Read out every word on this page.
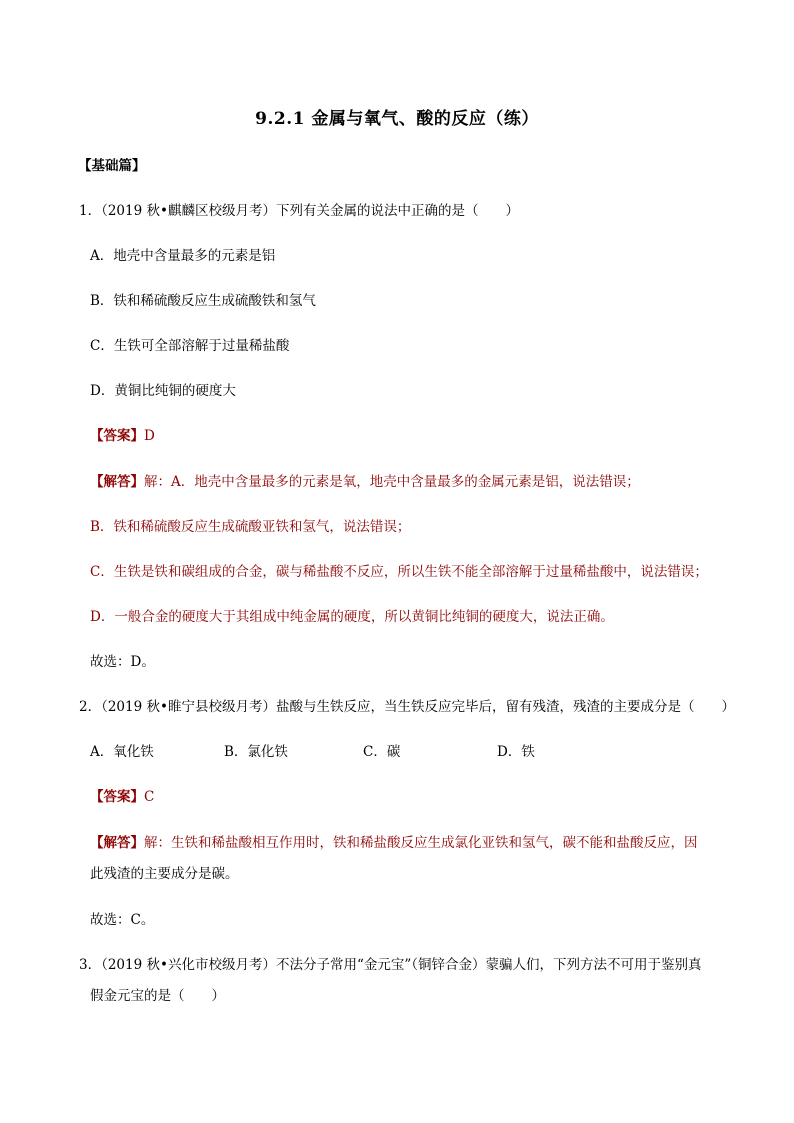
9.2.1 金属与氧气、酸的反应（练）
【基础篇】
1．（2019 秋•麒麟区校级月考）下列有关金属的说法中正确的是（　　）
A．地壳中含量最多的元素是铝
B．铁和稀硫酸反应生成硫酸铁和氢气
C．生铁可全部溶解于过量稀盐酸
D．黄铜比纯铜的硬度大
【答案】D
【解答】解：A．地壳中含量最多的元素是氧，地壳中含量最多的金属元素是铝，说法错误；
B．铁和稀硫酸反应生成硫酸亚铁和氢气，说法错误；
C．生铁是铁和碳组成的合金，碳与稀盐酸不反应，所以生铁不能全部溶解于过量稀盐酸中，说法错误；
D．一般合金的硬度大于其组成中纯金属的硬度，所以黄铜比纯铜的硬度大，说法正确。
故选：D。
2．（2019 秋•睢宁县校级月考）盐酸与生铁反应，当生铁反应完毕后，留有残渣，残渣的主要成分是（　　）
A．氧化铁	B．氯化铁	C．碳	D．铁
【答案】C
【解答】解：生铁和稀盐酸相互作用时，铁和稀盐酸反应生成氯化亚铁和氢气，碳不能和盐酸反应，因
此残渣的主要成分是碳。
故选：C。
3．（2019 秋•兴化市校级月考）不法分子常用“金元宝”（铜锌合金）蒙骗人们，下列方法不可用于鉴别真
假金元宝的是（　　）
